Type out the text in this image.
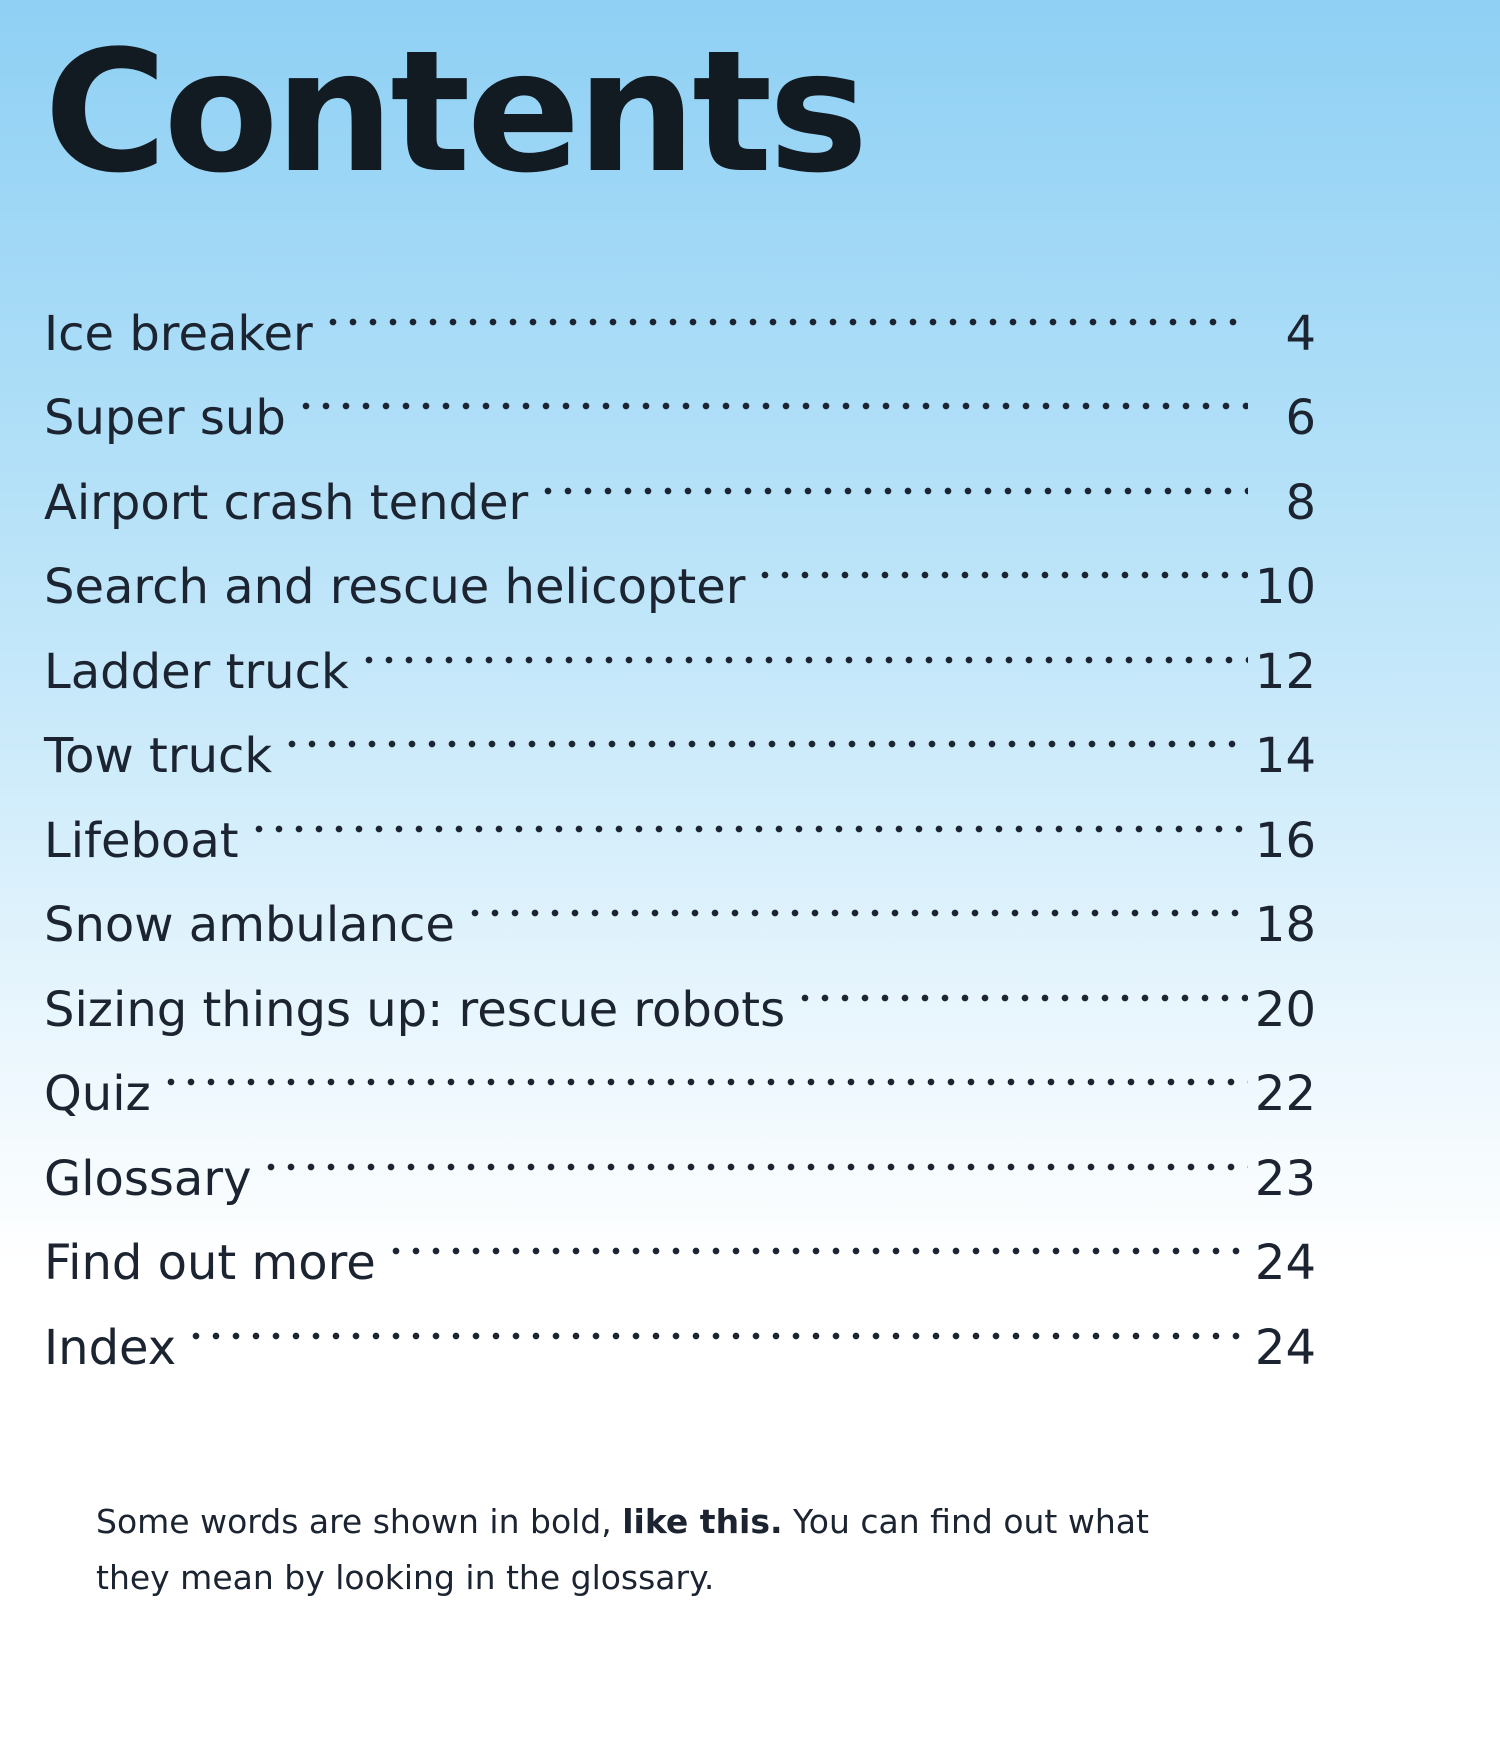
Contents
Ice breaker	4
Super sub	6
Airport crash tender	8
Search and rescue helicopter	10
Ladder truck	12
Tow truck	14
Lifeboat	16
Snow ambulance	18
Sizing things up: rescue robots	20
Quiz	22
Glossary	23
Find out more	24
Index	24

Some words are shown in bold, like this. You can find out what they mean by looking in the glossary.
